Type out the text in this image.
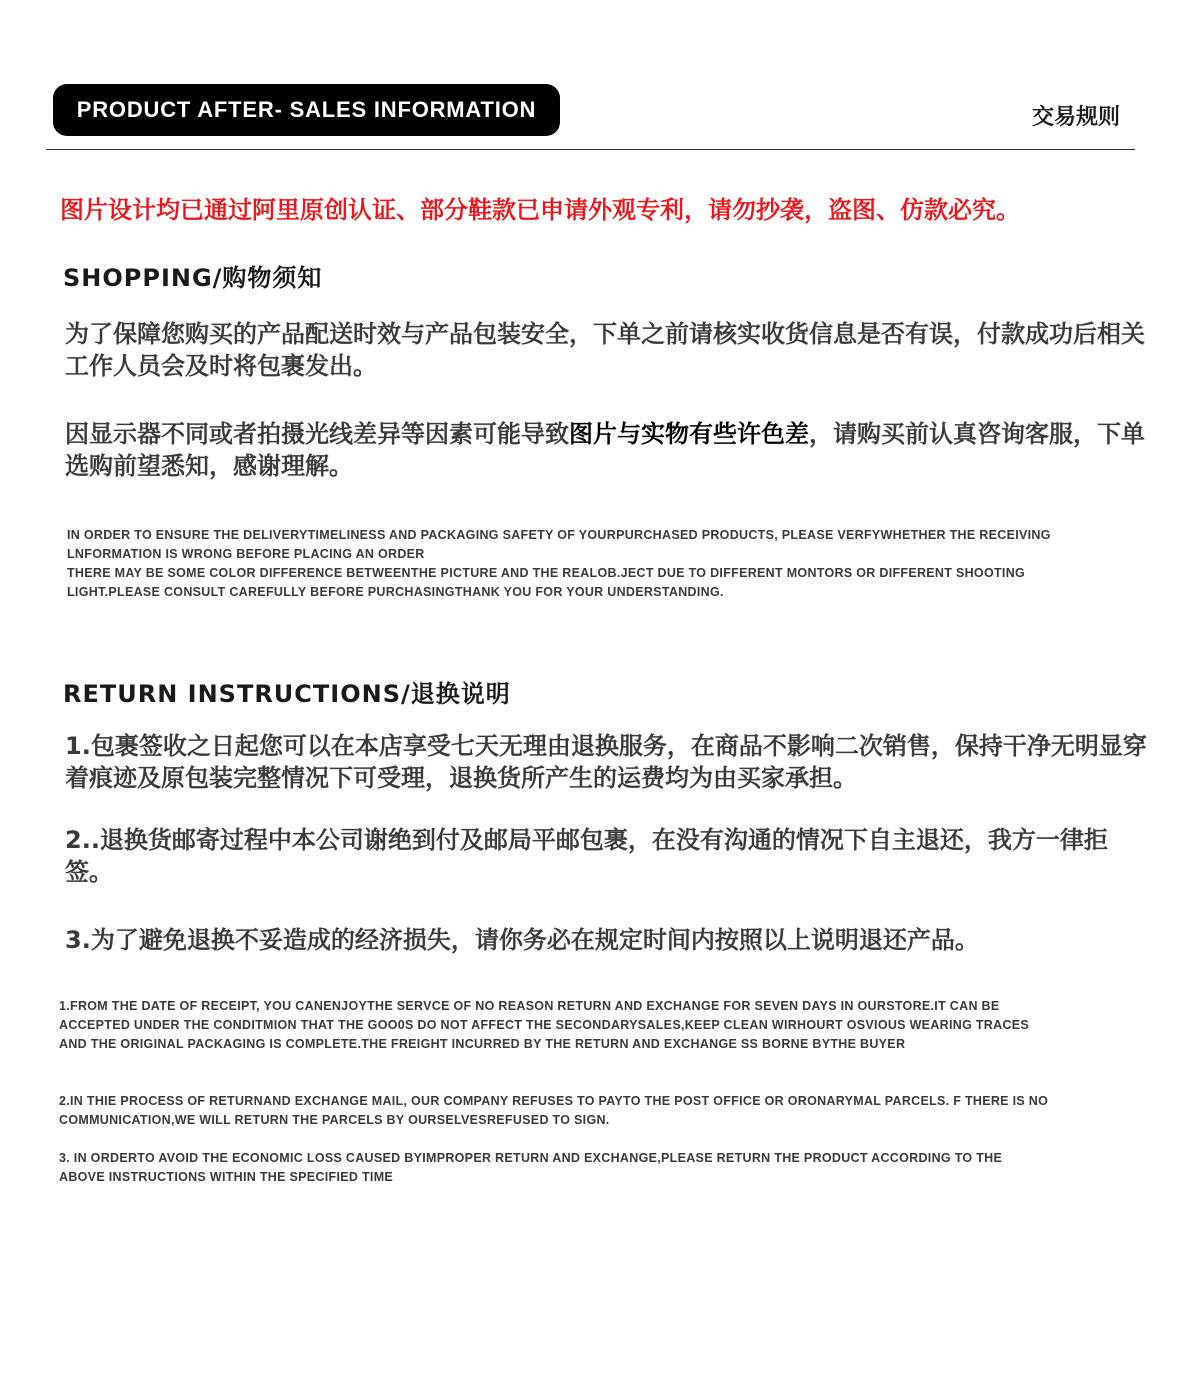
PRODUCT AFTER- SALES INFORMATION	交易规则
图片设计均已通过阿里原创认证、部分鞋款已申请外观专利，请勿抄袭，盗图、仿款必究。
SHOPPING/购物须知
为了保障您购买的产品配送时效与产品包装安全，下单之前请核实收货信息是否有误，付款成功后相关工作人员会及时将包裹发出。
因显示器不同或者拍摄光线差异等因素可能导致图片与实物有些许色差，请购买前认真咨询客服，下单选购前望悉知，感谢理解。

IN ORDER TO ENSURE THE DELIVERYTIMELINESS AND PACKAGING SAFETY OF YOURPURCHASED PRODUCTS, PLEASE VERFYWHETHER THE RECEIVING LNFORMATION IS WRONG BEFORE PLACING AN ORDER

THERE MAY BE SOME COLOR DIFFERENCE BETWEENTHE PICTURE AND THE REALOB.JECT DUE TO DIFFERENT MONTORS OR DIFFERENT SHOOTING LIGHT.PLEASE CONSULT CAREFULLY BEFORE PURCHASINGTHANK YOU FOR YOUR UNDERSTANDING.

RETURN INSTRUCTIONS/退换说明
1.包裹签收之日起您可以在本店享受七天无理由退换服务，在商品不影响二次销售，保持干净无明显穿着痕迹及原包装完整情况下可受理，退换货所产生的运费均为由买家承担。
2..退换货邮寄过程中本公司谢绝到付及邮局平邮包裹，在没有沟通的情况下自主退还，我方一律拒签。
3.为了避免退换不妥造成的经济损失，请你务必在规定时间内按照以上说明退还产品。
1.FROM THE DATE OF RECEIPT, YOU CANENJOYTHE SERVCE OF NO REASON RETURN AND EXCHANGE FOR SEVEN DAYS IN OURSTORE.IT CAN BE ACCEPTED UNDER THE CONDITMION THAT THE GOO0S DO NOT AFFECT THE SECONDARYSALES,KEEP CLEAN WIRHOURT OSVIOUS WEARING TRACES AND THE ORIGINAL PACKAGING IS COMPLETE.THE FREIGHT INCURRED BY THE RETURN AND EXCHANGE SS BORNE BYTHE BUYER
2.IN THIE PROCESS OF RETURNAND EXCHANGE MAIL, OUR COMPANY REFUSES TO PAYTO THE POST OFFICE OR ORONARYMAL PARCELS. F THERE IS NO COMMUNICATION,WE WILL RETURN THE PARCELS BY OURSELVESREFUSED TO SIGN.
3. IN ORDERTO AVOID THE ECONOMIC LOSS CAUSED BYIMPROPER RETURN AND EXCHANGE,PLEASE RETURN THE PRODUCT ACCORDING TO THE ABOVE INSTRUCTIONS WITHIN THE SPECIFIED TIME
